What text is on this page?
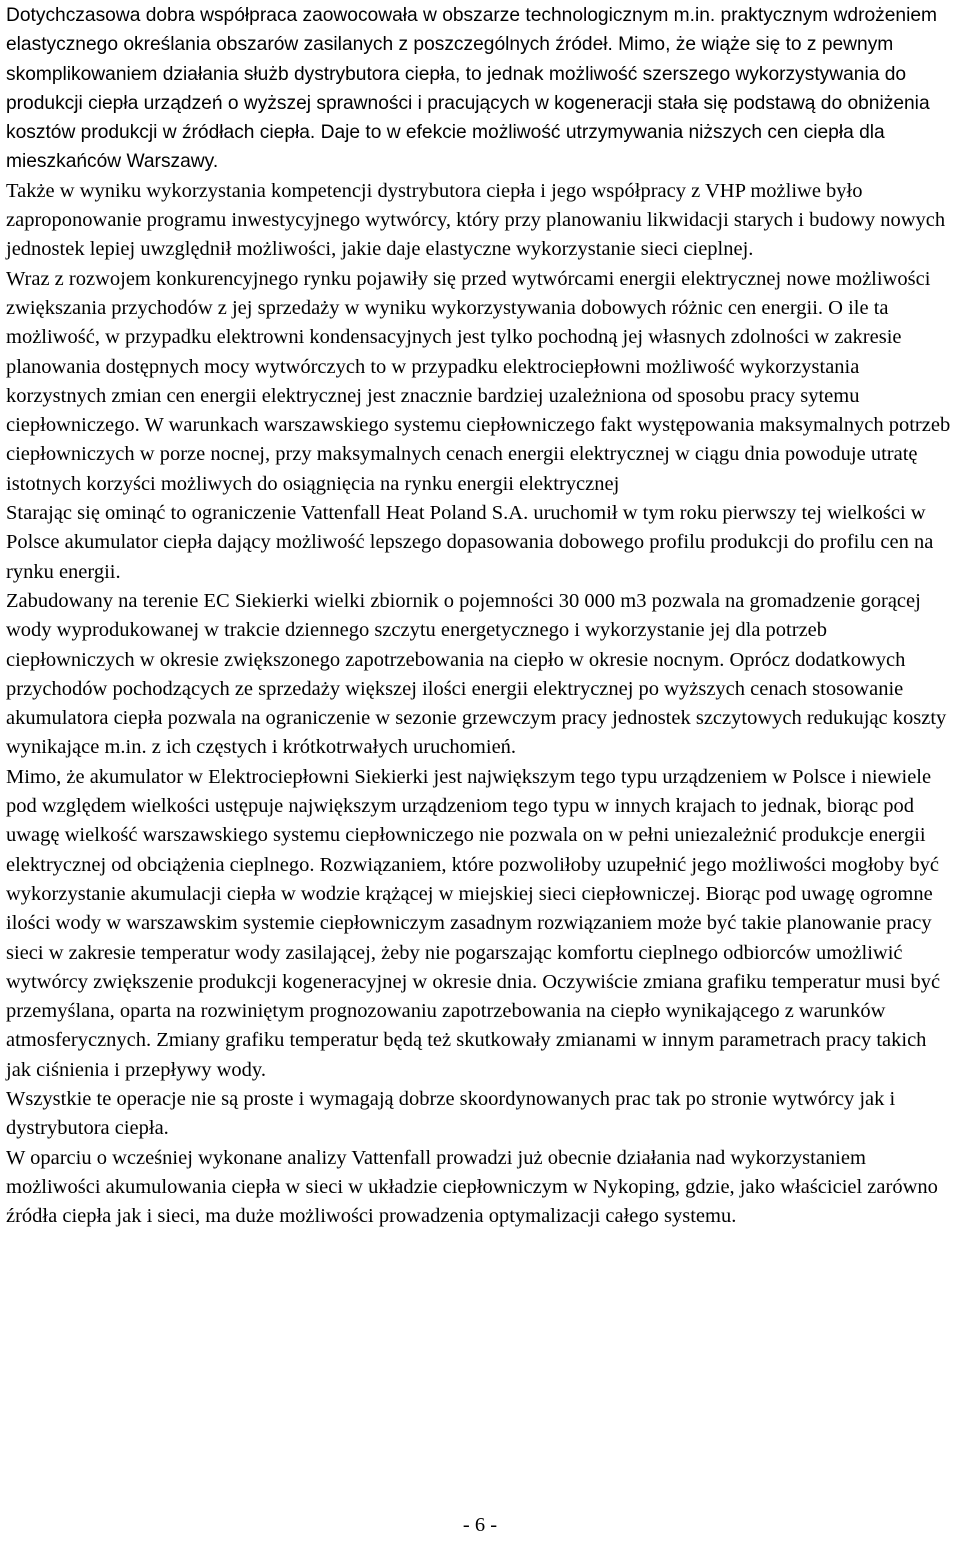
Dotychczasowa dobra współpraca zaowocowała w obszarze technologicznym m.in. praktycznym wdrożeniem elastycznego określania obszarów zasilanych z poszczególnych źródeł. Mimo, że wiąże się to z pewnym skomplikowaniem działania służb dystrybutora ciepła, to jednak możliwość szerszego wykorzystywania do produkcji ciepła urządzeń o wyższej sprawności i pracujących w kogeneracji stała się podstawą do obniżenia kosztów produkcji w źródłach ciepła. Daje to w efekcie możliwość utrzymywania niższych cen ciepła dla mieszkańców Warszawy.

Także w wyniku wykorzystania kompetencji dystrybutora ciepła i jego współpracy z VHP możliwe było zaproponowanie programu inwestycyjnego wytwórcy, który przy planowaniu likwidacji starych i budowy nowych jednostek lepiej uwzględnił możliwości, jakie daje elastyczne wykorzystanie sieci cieplnej.

Wraz z rozwojem konkurencyjnego rynku pojawiły się przed wytwórcami energii elektrycznej nowe możliwości zwiększania przychodów z jej sprzedaży w wyniku wykorzystywania dobowych różnic cen energii. O ile ta możliwość, w przypadku elektrowni kondensacyjnych jest tylko pochodną jej własnych zdolności w zakresie planowania dostępnych mocy wytwórczych to w przypadku elektrociepłowni możliwość wykorzystania korzystnych zmian cen energii elektrycznej jest znacznie bardziej uzależniona od sposobu pracy sytemu ciepłowniczego. W warunkach warszawskiego systemu ciepłowniczego fakt występowania maksymalnych potrzeb ciepłowniczych w porze nocnej, przy maksymalnych cenach energii elektrycznej w ciągu dnia powoduje utratę istotnych korzyści możliwych do osiągnięcia na rynku energii elektrycznej

Starając się ominąć to ograniczenie Vattenfall Heat Poland S.A. uruchomił w tym roku pierwszy tej wielkości w Polsce akumulator ciepła dający możliwość lepszego dopasowania dobowego profilu produkcji do profilu cen na rynku energii.

Zabudowany na terenie EC Siekierki wielki zbiornik o pojemności 30 000 m3 pozwala na gromadzenie gorącej wody wyprodukowanej w trakcie dziennego szczytu energetycznego i wykorzystanie jej dla potrzeb ciepłowniczych w okresie zwiększonego zapotrzebowania na ciepło w okresie nocnym. Oprócz dodatkowych przychodów pochodzących ze sprzedaży większej ilości energii elektrycznej po wyższych cenach stosowanie akumulatora ciepła pozwala na ograniczenie w sezonie grzewczym pracy jednostek szczytowych redukując koszty wynikające m.in. z ich częstych i krótkotrwałych uruchomień.

Mimo, że akumulator w Elektrociepłowni Siekierki jest największym tego typu urządzeniem w Polsce i niewiele pod względem wielkości ustępuje największym urządzeniom tego typu w innych krajach to jednak, biorąc pod uwagę wielkość warszawskiego systemu ciepłowniczego nie pozwala on w pełni uniezależnić produkcje energii elektrycznej od obciążenia cieplnego. Rozwiązaniem, które pozwoliłoby uzupełnić jego możliwości mogłoby być wykorzystanie akumulacji ciepła w wodzie krążącej w miejskiej sieci ciepłowniczej. Biorąc pod uwagę ogromne ilości wody w warszawskim systemie ciepłowniczym zasadnym rozwiązaniem może być takie planowanie pracy sieci w zakresie temperatur wody zasilającej, żeby nie pogarszając komfortu cieplnego odbiorców umożliwić wytwórcy zwiększenie produkcji kogeneracyjnej w okresie dnia. Oczywiście zmiana grafiku temperatur musi być przemyślana, oparta na rozwiniętym prognozowaniu zapotrzebowania na ciepło wynikającego z warunków atmosferycznych. Zmiany grafiku temperatur będą też skutkowały zmianami w innym parametrach pracy takich jak ciśnienia i przepływy wody.

Wszystkie te operacje nie są proste i wymagają dobrze skoordynowanych prac tak po stronie wytwórcy jak i dystrybutora ciepła.

W oparciu o wcześniej wykonane analizy Vattenfall prowadzi już obecnie działania nad wykorzystaniem możliwości akumulowania ciepła w sieci w układzie ciepłowniczym w Nykoping, gdzie, jako właściciel zarówno źródła ciepła jak i sieci, ma duże możliwości prowadzenia optymalizacji całego systemu.

- 6 -
